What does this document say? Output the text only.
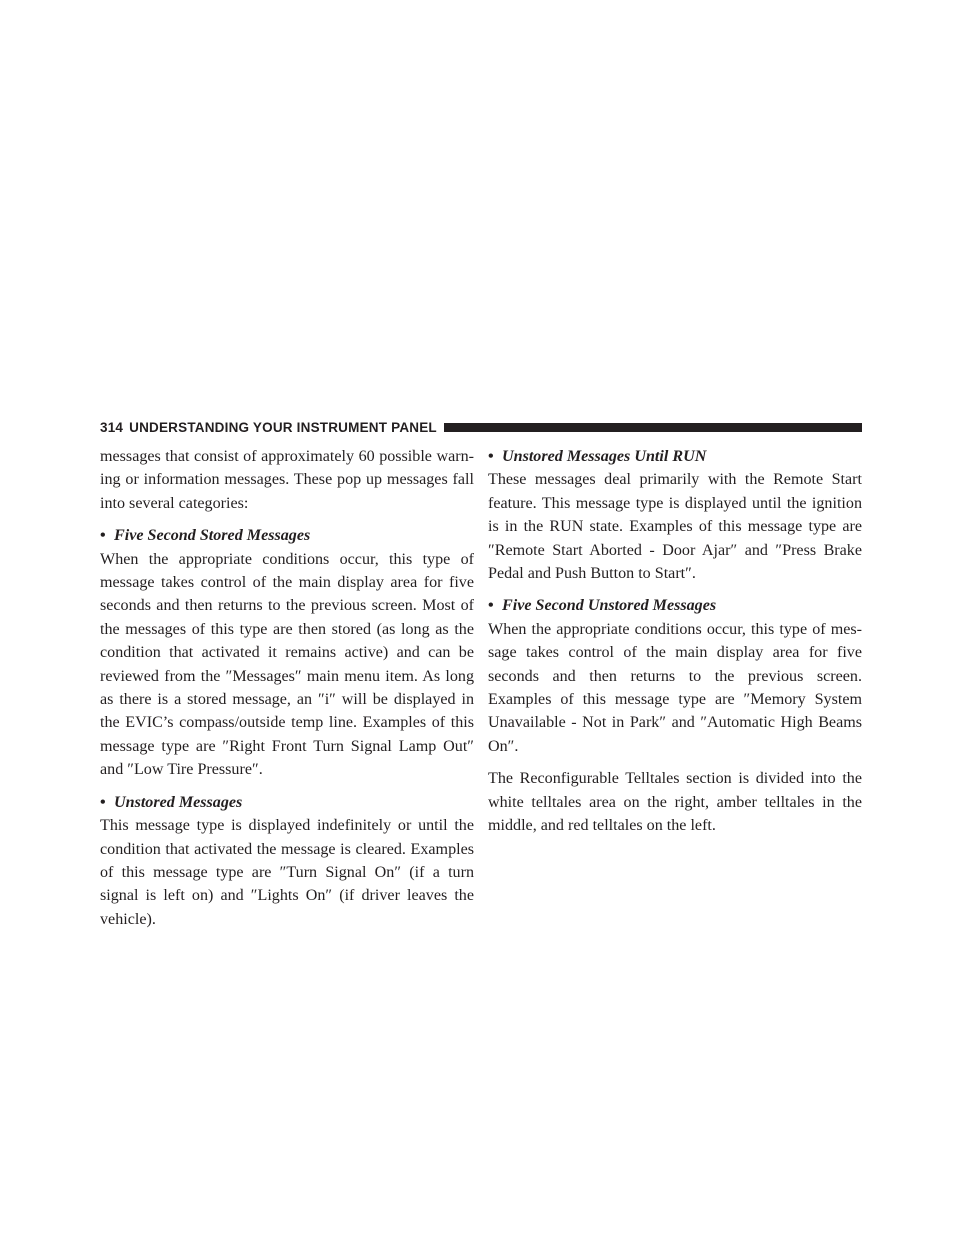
314 UNDERSTANDING YOUR INSTRUMENT PANEL

messages that consist of approximately 60 possible warn-ing or information messages. These pop up messages fall into several categories:

• Five Second Stored Messages

When the appropriate conditions occur, this type of message takes control of the main display area for five seconds and then returns to the previous screen. Most of the messages of this type are then stored (as long as the condition that activated it remains active) and can be reviewed from the ″Messages″ main menu item. As long as there is a stored message, an ″i″ will be displayed in the EVIC’s compass/outside temp line. Examples of this message type are ″Right Front Turn Signal Lamp Out″ and ″Low Tire Pressure″.

• Unstored Messages

This message type is displayed indefinitely or until the condition that activated the message is cleared. Examples of this message type are ″Turn Signal On″ (if a turn signal is left on) and ″Lights On″ (if driver leaves the vehicle).

• Unstored Messages Until RUN

These messages deal primarily with the Remote Start feature. This message type is displayed until the ignition is in the RUN state. Examples of this message type are ″Remote Start Aborted - Door Ajar″ and ″Press Brake Pedal and Push Button to Start″.

• Five Second Unstored Messages

When the appropriate conditions occur, this type of mes-sage takes control of the main display area for five seconds and then returns to the previous screen. Examples of this message type are ″Memory System Unavailable - Not in Park″ and ″Automatic High Beams On″.

The Reconfigurable Telltales section is divided into the white telltales area on the right, amber telltales in the middle, and red telltales on the left.
